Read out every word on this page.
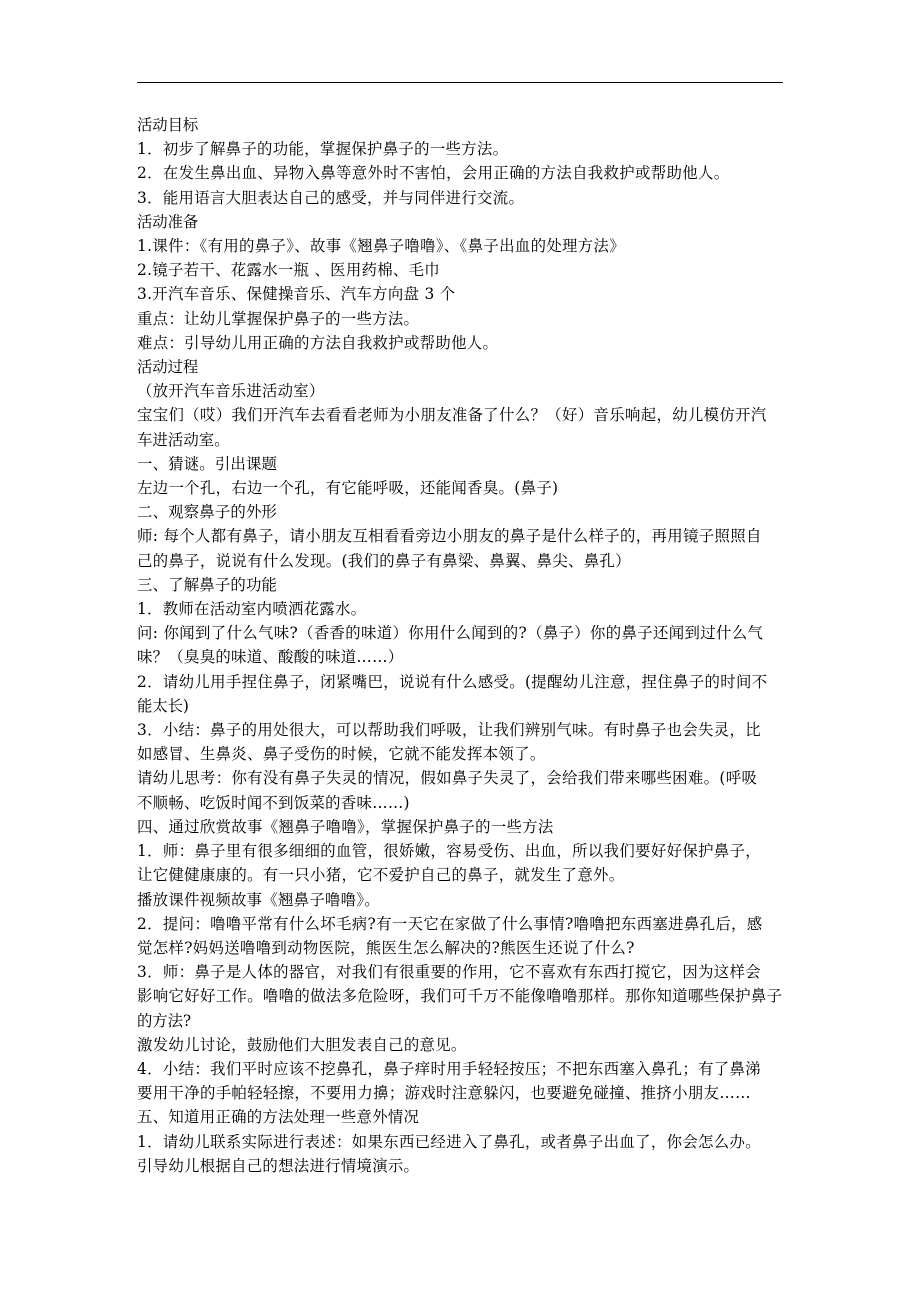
活动目标

1．初步了解鼻子的功能，掌握保护鼻子的一些方法。

2．在发生鼻出血、异物入鼻等意外时不害怕，会用正确的方法自我救护或帮助他人。

3．能用语言大胆表达自己的感受，并与同伴进行交流。

活动准备

1.课件：《有用的鼻子》、故事《翘鼻子噜噜》、《鼻子出血的处理方法》

2.镜子若干、花露水一瓶 、医用药棉、毛巾

3.开汽车音乐、保健操音乐、汽车方向盘 3 个

重点：让幼儿掌握保护鼻子的一些方法。

难点：引导幼儿用正确的方法自我救护或帮助他人。

活动过程

（放开汽车音乐进活动室）

宝宝们（哎）我们开汽车去看看老师为小朋友准备了什么？（好）音乐响起，幼儿模仿开汽

车进活动室。

一、猜谜。引出课题

左边一个孔，右边一个孔，有它能呼吸，还能闻香臭。(鼻子)

二、观察鼻子的外形

师: 每个人都有鼻子，请小朋友互相看看旁边小朋友的鼻子是什么样子的，再用镜子照照自

己的鼻子，说说有什么发现。(我们的鼻子有鼻梁、鼻翼、鼻尖、鼻孔）

三、了解鼻子的功能

1．教师在活动室内喷洒花露水。

问: 你闻到了什么气味?（香香的味道）你用什么闻到的?（鼻子）你的鼻子还闻到过什么气

味？（臭臭的味道、酸酸的味道……）

2．请幼儿用手捏住鼻子，闭紧嘴巴，说说有什么感受。(提醒幼儿注意，捏住鼻子的时间不

能太长)

3．小结：鼻子的用处很大，可以帮助我们呼吸，让我们辨别气味。有时鼻子也会失灵，比

如感冒、生鼻炎、鼻子受伤的时候，它就不能发挥本领了。

请幼儿思考：你有没有鼻子失灵的情况，假如鼻子失灵了，会给我们带来哪些困难。(呼吸

不顺畅、吃饭时闻不到饭菜的香味……)

四、通过欣赏故事《翘鼻子噜噜》，掌握保护鼻子的一些方法

1．师：鼻子里有很多细细的血管，很娇嫩，容易受伤、出血，所以我们要好好保护鼻子，

让它健健康康的。有一只小猪，它不爱护自己的鼻子，就发生了意外。

播放课件视频故事《翘鼻子噜噜》。

2．提问：噜噜平常有什么坏毛病?有一天它在家做了什么事情?噜噜把东西塞进鼻孔后，感

觉怎样?妈妈送噜噜到动物医院，熊医生怎么解决的?熊医生还说了什么?

3．师：鼻子是人体的器官，对我们有很重要的作用，它不喜欢有东西打搅它，因为这样会

影响它好好工作。噜噜的做法多危险呀，我们可千万不能像噜噜那样。那你知道哪些保护鼻子

的方法?

激发幼儿讨论，鼓励他们大胆发表自己的意见。

4．小结：我们平时应该不挖鼻孔，鼻子痒时用手轻轻按压；不把东西塞入鼻孔；有了鼻涕

要用干净的手帕轻轻擦，不要用力擤；游戏时注意躲闪，也要避免碰撞、推挤小朋友……

五、知道用正确的方法处理一些意外情况

1．请幼儿联系实际进行表述：如果东西已经进入了鼻孔，或者鼻子出血了，你会怎么办。

引导幼儿根据自己的想法进行情境演示。
